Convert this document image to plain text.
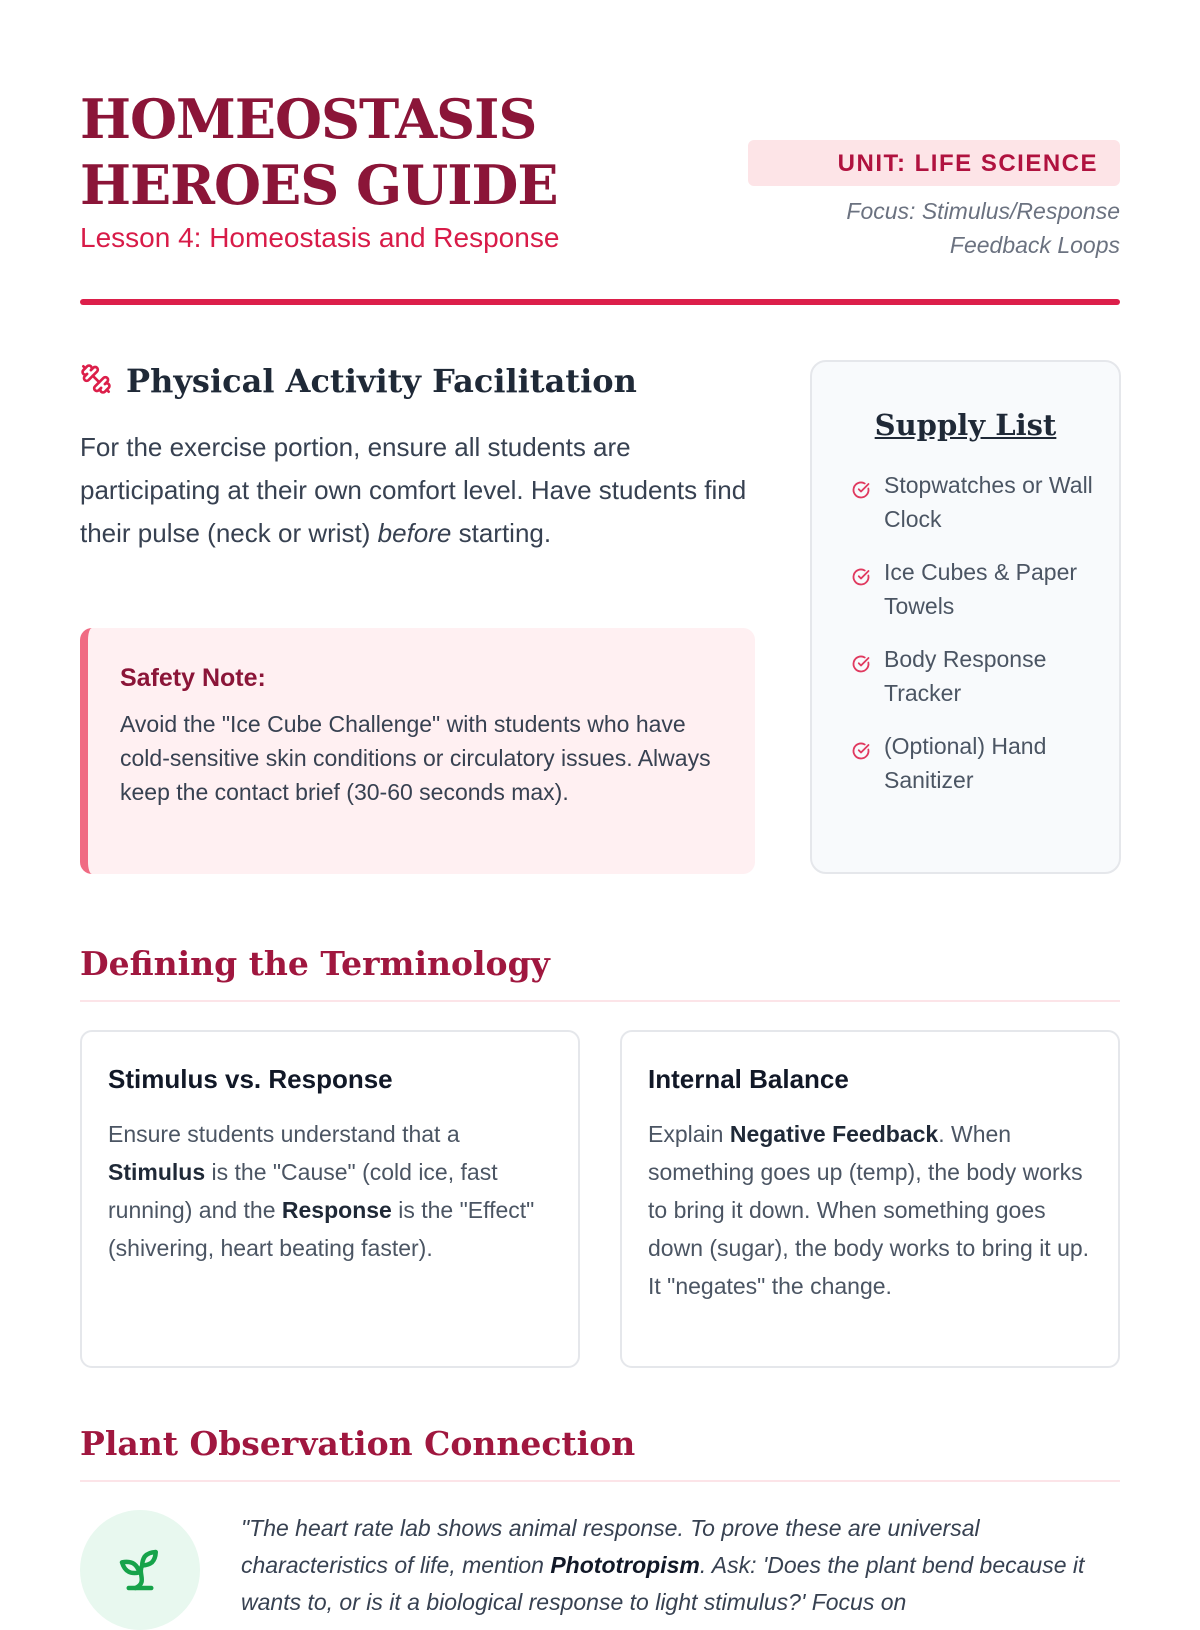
HOMEOSTASIS
HEROES GUIDE
Lesson 4: Homeostasis and Response
UNIT: LIFE SCIENCE
Focus: Stimulus/Response
Feedback Loops
Physical Activity Facilitation

For the exercise portion, ensure all students are participating at their own comfort level. Have students find their pulse (neck or wrist) before starting.

Safety Note:

Avoid the "Ice Cube Challenge" with students who have cold-sensitive skin conditions or circulatory issues. Always keep the contact brief (30-60 seconds max).

Supply List
Stopwatches or Wall Clock
Ice Cubes & Paper Towels
Body Response Tracker
(Optional) Hand Sanitizer
Defining the Terminology
Stimulus vs. Response

Ensure students understand that a Stimulus is the "Cause" (cold ice, fast running) and the Response is the "Effect" (shivering, heart beating faster).

Internal Balance

Explain Negative Feedback. When something goes up (temp), the body works to bring it down. When something goes down (sugar), the body works to bring it up. It "negates" the change.

Plant Observation Connection

"The heart rate lab shows animal response. To prove these are universal characteristics of life, mention Phototropism. Ask: 'Does the plant bend because it wants to, or is it a biological response to light stimulus?' Focus on
